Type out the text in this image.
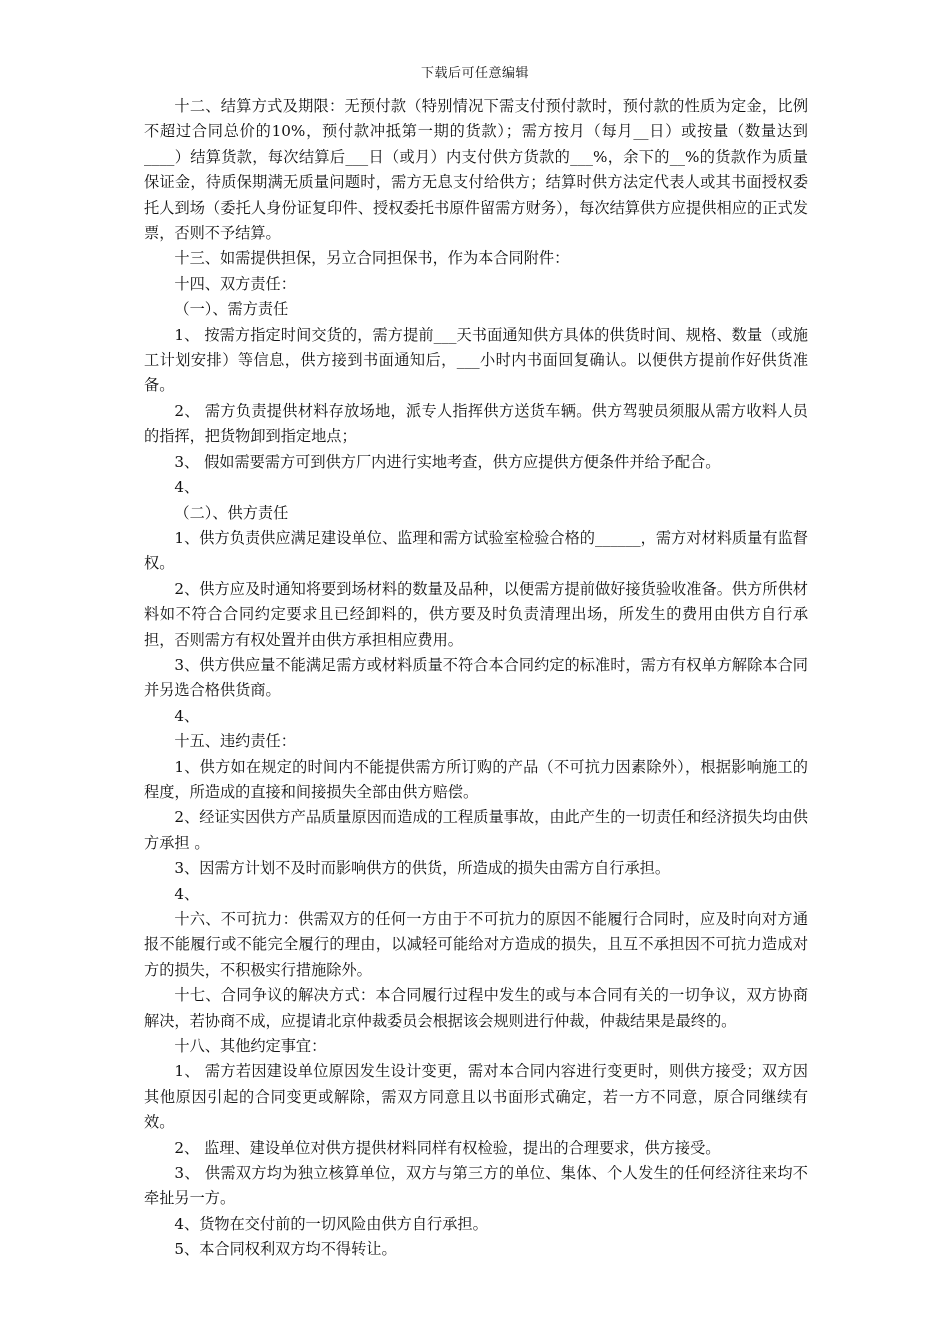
下载后可任意编辑

十二、结算方式及期限：无预付款（特别情况下需支付预付款时，预付款的性质为定金，比例不超过合同总价的10%，预付款冲抵第一期的货款）；需方按月（每月__日）或按量（数量达到____）结算货款，每次结算后___日（或月）内支付供方货款的___%，余下的__%的货款作为质量保证金，待质保期满无质量问题时，需方无息支付给供方；结算时供方法定代表人或其书面授权委托人到场（委托人身份证复印件、授权委托书原件留需方财务），每次结算供方应提供相应的正式发票，否则不予结算。

十三、如需提供担保，另立合同担保书，作为本合同附件：

十四、双方责任：

（一）、需方责任

1、 按需方指定时间交货的，需方提前___天书面通知供方具体的供货时间、规格、数量（或施工计划安排）等信息，供方接到书面通知后，___小时内书面回复确认。以便供方提前作好供货准备。

2、 需方负责提供材料存放场地，派专人指挥供方送货车辆。供方驾驶员须服从需方收料人员的指挥，把货物卸到指定地点；

3、 假如需要需方可到供方厂内进行实地考查，供方应提供方便条件并给予配合。

4、

（二）、供方责任

1、供方负责供应满足建设单位、监理和需方试验室检验合格的______，需方对材料质量有监督权。

2、供方应及时通知将要到场材料的数量及品种，以便需方提前做好接货验收准备。供方所供材料如不符合合同约定要求且已经卸料的，供方要及时负责清理出场，所发生的费用由供方自行承担，否则需方有权处置并由供方承担相应费用。

3、供方供应量不能满足需方或材料质量不符合本合同约定的标准时，需方有权单方解除本合同并另选合格供货商。

4、

十五、违约责任：

1、供方如在规定的时间内不能提供需方所订购的产品（不可抗力因素除外），根据影响施工的程度，所造成的直接和间接损失全部由供方赔偿。

2、经证实因供方产品质量原因而造成的工程质量事故，由此产生的一切责任和经济损失均由供方承担 。

3、因需方计划不及时而影响供方的供货，所造成的损失由需方自行承担。

4、

十六、不可抗力：供需双方的任何一方由于不可抗力的原因不能履行合同时，应及时向对方通报不能履行或不能完全履行的理由，以减轻可能给对方造成的损失，且互不承担因不可抗力造成对方的损失，不积极实行措施除外。

十七、合同争议的解决方式：本合同履行过程中发生的或与本合同有关的一切争议，双方协商解决，若协商不成，应提请北京仲裁委员会根据该会规则进行仲裁，仲裁结果是最终的。

十八、其他约定事宜：

1、 需方若因建设单位原因发生设计变更，需对本合同内容进行变更时，则供方接受；双方因其他原因引起的合同变更或解除，需双方同意且以书面形式确定，若一方不同意，原合同继续有效。

2、 监理、建设单位对供方提供材料同样有权检验，提出的合理要求，供方接受。

3、 供需双方均为独立核算单位，双方与第三方的单位、集体、个人发生的任何经济往来均不牵扯另一方。

4、货物在交付前的一切风险由供方自行承担。

5、本合同权利双方均不得转让。
